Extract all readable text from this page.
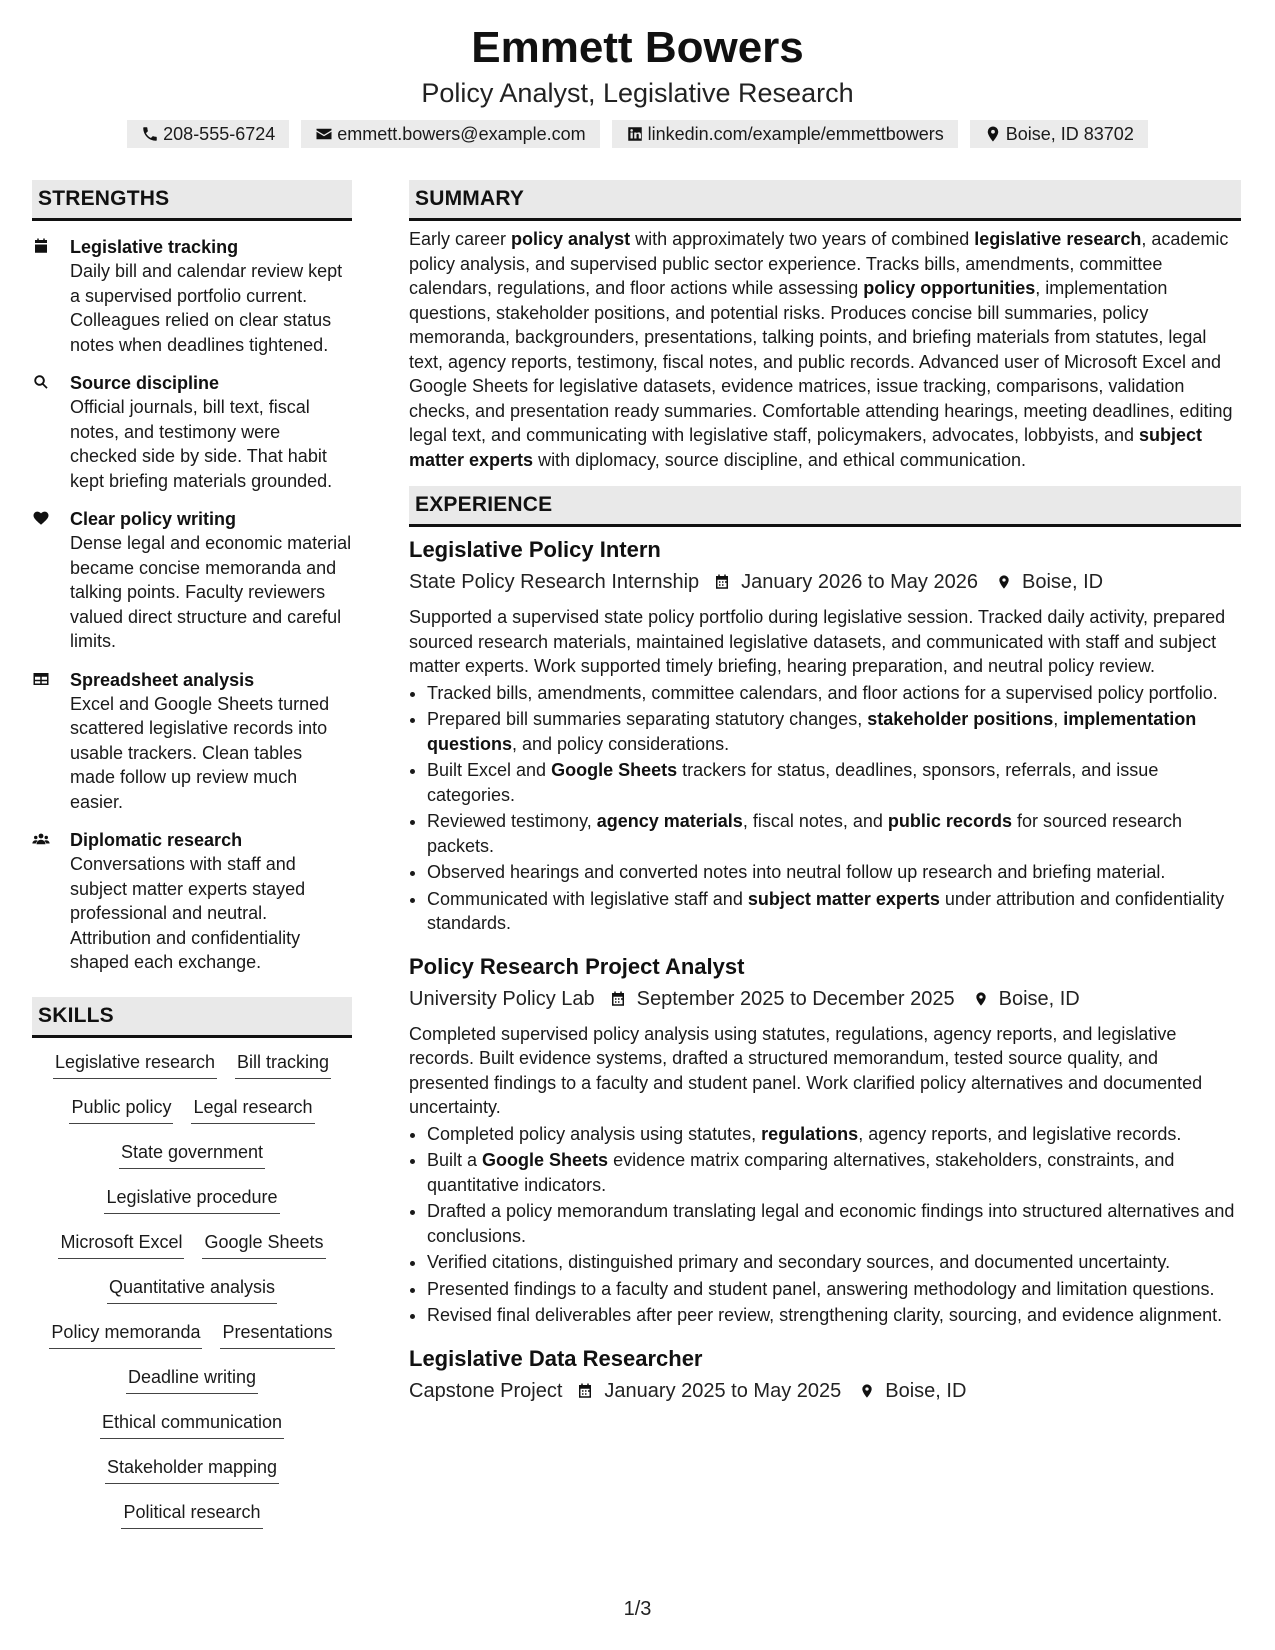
Emmett Bowers
Policy Analyst, Legislative Research
208-555-6724	emmett.bowers@example.com	linkedin.com/example/emmettbowers	Boise, ID 83702
STRENGTHS
Legislative tracking
Daily bill and calendar review kept a supervised portfolio current. Colleagues relied on clear status notes when deadlines tightened.
Source discipline
Official journals, bill text, fiscal notes, and testimony were checked side by side. That habit kept briefing materials grounded.
Clear policy writing
Dense legal and economic material became concise memoranda and talking points. Faculty reviewers valued direct structure and careful limits.
Spreadsheet analysis
Excel and Google Sheets turned scattered legislative records into usable trackers. Clean tables made follow up review much easier.
Diplomatic research
Conversations with staff and subject matter experts stayed professional and neutral. Attribution and confidentiality shaped each exchange.
SKILLS
Legislative research Bill tracking
Public policy Legal research
State government
Legislative procedure
Microsoft Excel Google Sheets
Quantitative analysis
Policy memoranda Presentations
Deadline writing
Ethical communication
Stakeholder mapping
Political research
SUMMARY
Early career policy analyst with approximately two years of combined legislative research, academic policy analysis, and supervised public sector experience. Tracks bills, amendments, committee calendars, regulations, and floor actions while assessing policy opportunities, implementation questions, stakeholder positions, and potential risks. Produces concise bill summaries, policy memoranda, backgrounders, presentations, talking points, and briefing materials from statutes, legal text, agency reports, testimony, fiscal notes, and public records. Advanced user of Microsoft Excel and Google Sheets for legislative datasets, evidence matrices, issue tracking, comparisons, validation checks, and presentation ready summaries. Comfortable attending hearings, meeting deadlines, editing legal text, and communicating with legislative staff, policymakers, advocates, lobbyists, and subject matter experts with diplomacy, source discipline, and ethical communication.
EXPERIENCE
Legislative Policy Intern
State Policy Research Internship January 2026 to May 2026 Boise, ID
Supported a supervised state policy portfolio during legislative session. Tracked daily activity, prepared sourced research materials, maintained legislative datasets, and communicated with staff and subject matter experts. Work supported timely briefing, hearing preparation, and neutral policy review.
• Tracked bills, amendments, committee calendars, and floor actions for a supervised policy portfolio.
• Prepared bill summaries separating statutory changes, stakeholder positions, implementation questions, and policy considerations.
• Built Excel and Google Sheets trackers for status, deadlines, sponsors, referrals, and issue categories.
• Reviewed testimony, agency materials, fiscal notes, and public records for sourced research packets.
• Observed hearings and converted notes into neutral follow up research and briefing material.
• Communicated with legislative staff and subject matter experts under attribution and confidentiality standards.
Policy Research Project Analyst
University Policy Lab September 2025 to December 2025 Boise, ID
Completed supervised policy analysis using statutes, regulations, agency reports, and legislative records. Built evidence systems, drafted a structured memorandum, tested source quality, and presented findings to a faculty and student panel. Work clarified policy alternatives and documented uncertainty.
• Completed policy analysis using statutes, regulations, agency reports, and legislative records.
• Built a Google Sheets evidence matrix comparing alternatives, stakeholders, constraints, and quantitative indicators.
• Drafted a policy memorandum translating legal and economic findings into structured alternatives and conclusions.
• Verified citations, distinguished primary and secondary sources, and documented uncertainty.
• Presented findings to a faculty and student panel, answering methodology and limitation questions.
• Revised final deliverables after peer review, strengthening clarity, sourcing, and evidence alignment.
Legislative Data Researcher
Capstone Project January 2025 to May 2025 Boise, ID
1/3
